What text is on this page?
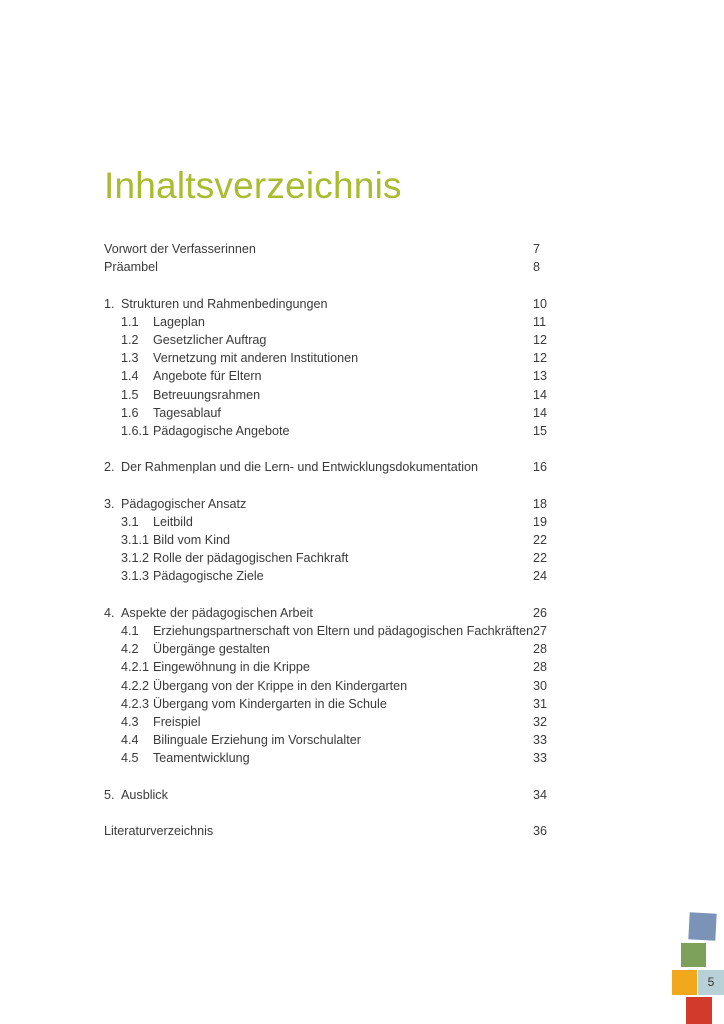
Inhaltsverzeichnis
Vorwort der Verfasserinnen	7
Präambel	8
1. Strukturen und Rahmenbedingungen	10
1.1 Lageplan	11
1.2 Gesetzlicher Auftrag	12
1.3 Vernetzung mit anderen Institutionen	12
1.4 Angebote für Eltern	13
1.5 Betreuungsrahmen	14
1.6 Tagesablauf	14
1.6.1 Pädagogische Angebote	15
2. Der Rahmenplan und die Lern- und Entwicklungsdokumentation	16
3. Pädagogischer Ansatz	18
3.1 Leitbild	19
3.1.1 Bild vom Kind	22
3.1.2 Rolle der pädagogischen Fachkraft	22
3.1.3 Pädagogische Ziele	24
4. Aspekte der pädagogischen Arbeit	26
4.1 Erziehungspartnerschaft von Eltern und pädagogischen Fachkräften 27
4.2 Übergänge gestalten	28
4.2.1 Eingewöhnung in die Krippe	28
4.2.2 Übergang von der Krippe in den Kindergarten	30
4.2.3 Übergang vom Kindergarten in die Schule	31
4.3 Freispiel	32
4.4 Bilinguale Erziehung im Vorschulalter	33
4.5 Teamentwicklung	33
5. Ausblick	34
Literaturverzeichnis	36
5
